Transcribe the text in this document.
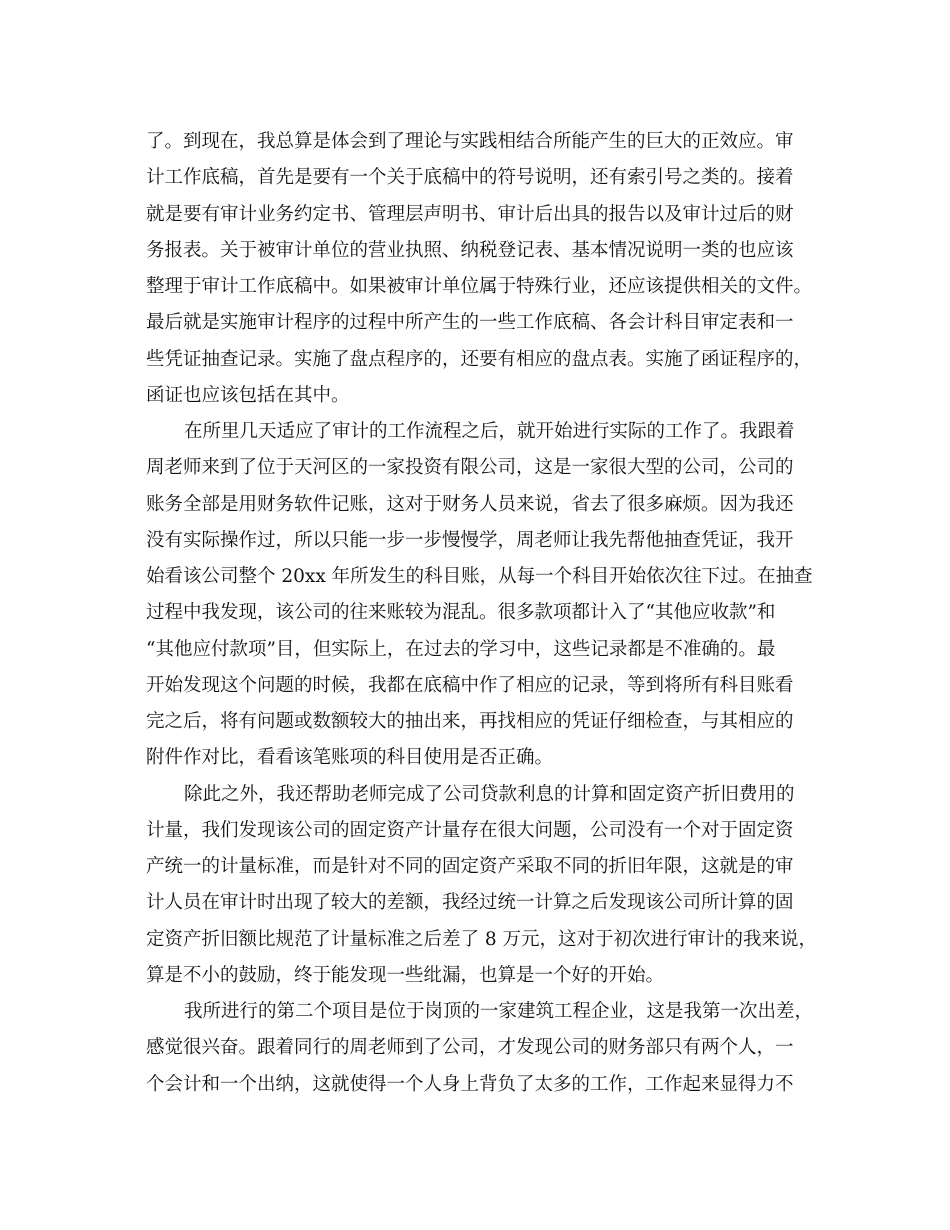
了。到现在，我总算是体会到了理论与实践相结合所能产生的巨大的正效应。审
计工作底稿，首先是要有一个关于底稿中的符号说明，还有索引号之类的。接着
就是要有审计业务约定书、管理层声明书、审计后出具的报告以及审计过后的财
务报表。关于被审计单位的营业执照、纳税登记表、基本情况说明一类的也应该
整理于审计工作底稿中。如果被审计单位属于特殊行业，还应该提供相关的文件。
最后就是实施审计程序的过程中所产生的一些工作底稿、各会计科目审定表和一
些凭证抽查记录。实施了盘点程序的，还要有相应的盘点表。实施了函证程序的，
函证也应该包括在其中。
在所里几天适应了审计的工作流程之后，就开始进行实际的工作了。我跟着
周老师来到了位于天河区的一家投资有限公司，这是一家很大型的公司，公司的
账务全部是用财务软件记账，这对于财务人员来说，省去了很多麻烦。因为我还
没有实际操作过，所以只能一步一步慢慢学，周老师让我先帮他抽查凭证，我开
始看该公司整个 20xx 年所发生的科目账，从每一个科目开始依次往下过。在抽查
过程中我发现，该公司的往来账较为混乱。很多款项都计入了“其他应收款”和
“其他应付款项”目，但实际上，在过去的学习中，这些记录都是不准确的。最
开始发现这个问题的时候，我都在底稿中作了相应的记录，等到将所有科目账看
完之后，将有问题或数额较大的抽出来，再找相应的凭证仔细检查，与其相应的
附件作对比，看看该笔账项的科目使用是否正确。
除此之外，我还帮助老师完成了公司贷款利息的计算和固定资产折旧费用的
计量，我们发现该公司的固定资产计量存在很大问题，公司没有一个对于固定资
产统一的计量标准，而是针对不同的固定资产采取不同的折旧年限，这就是的审
计人员在审计时出现了较大的差额，我经过统一计算之后发现该公司所计算的固
定资产折旧额比规范了计量标准之后差了 8 万元，这对于初次进行审计的我来说，
算是不小的鼓励，终于能发现一些纰漏，也算是一个好的开始。
我所进行的第二个项目是位于岗顶的一家建筑工程企业，这是我第一次出差，
感觉很兴奋。跟着同行的周老师到了公司，才发现公司的财务部只有两个人，一
个会计和一个出纳，这就使得一个人身上背负了太多的工作，工作起来显得力不
